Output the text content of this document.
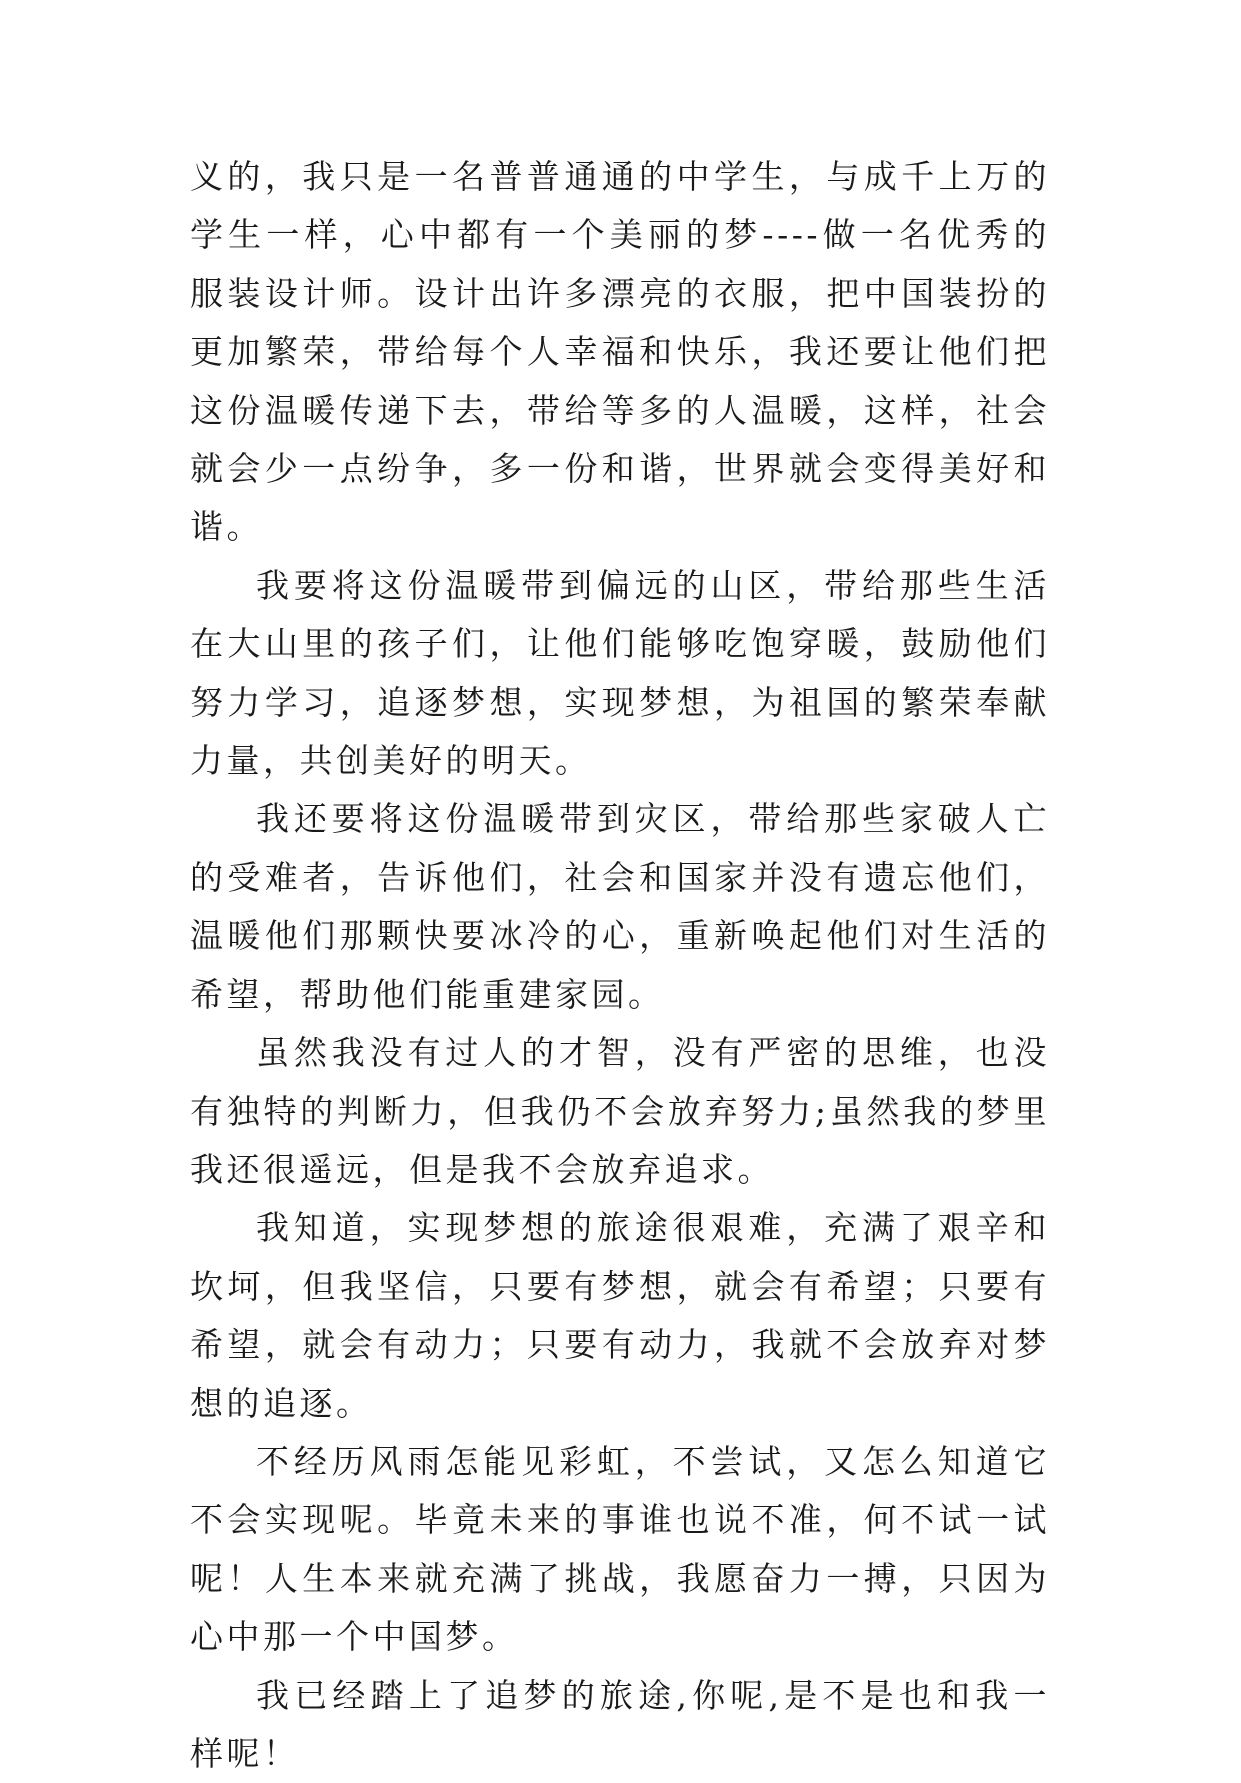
义的，我只是一名普普通通的中学生，与成千上万的学生一样，心中都有一个美丽的梦----做一名优秀的服装设计师。设计出许多漂亮的衣服，把中国装扮的更加繁荣，带给每个人幸福和快乐，我还要让他们把这份温暖传递下去，带给等多的人温暖，这样，社会就会少一点纷争，多一份和谐，世界就会变得美好和谐。

我要将这份温暖带到偏远的山区，带给那些生活在大山里的孩子们，让他们能够吃饱穿暖，鼓励他们努力学习，追逐梦想，实现梦想，为祖国的繁荣奉献力量，共创美好的明天。

我还要将这份温暖带到灾区，带给那些家破人亡的受难者，告诉他们，社会和国家并没有遗忘他们，温暖他们那颗快要冰冷的心，重新唤起他们对生活的希望，帮助他们能重建家园。

虽然我没有过人的才智，没有严密的思维，也没有独特的判断力，但我仍不会放弃努力;虽然我的梦里我还很遥远，但是我不会放弃追求。

我知道，实现梦想的旅途很艰难，充满了艰辛和坎坷，但我坚信，只要有梦想，就会有希望；只要有希望，就会有动力；只要有动力，我就不会放弃对梦想的追逐。

不经历风雨怎能见彩虹，不尝试，又怎么知道它不会实现呢。毕竟未来的事谁也说不准，何不试一试呢！人生本来就充满了挑战，我愿奋力一搏，只因为心中那一个中国梦。

我已经踏上了追梦的旅途,你呢,是不是也和我一样呢！
